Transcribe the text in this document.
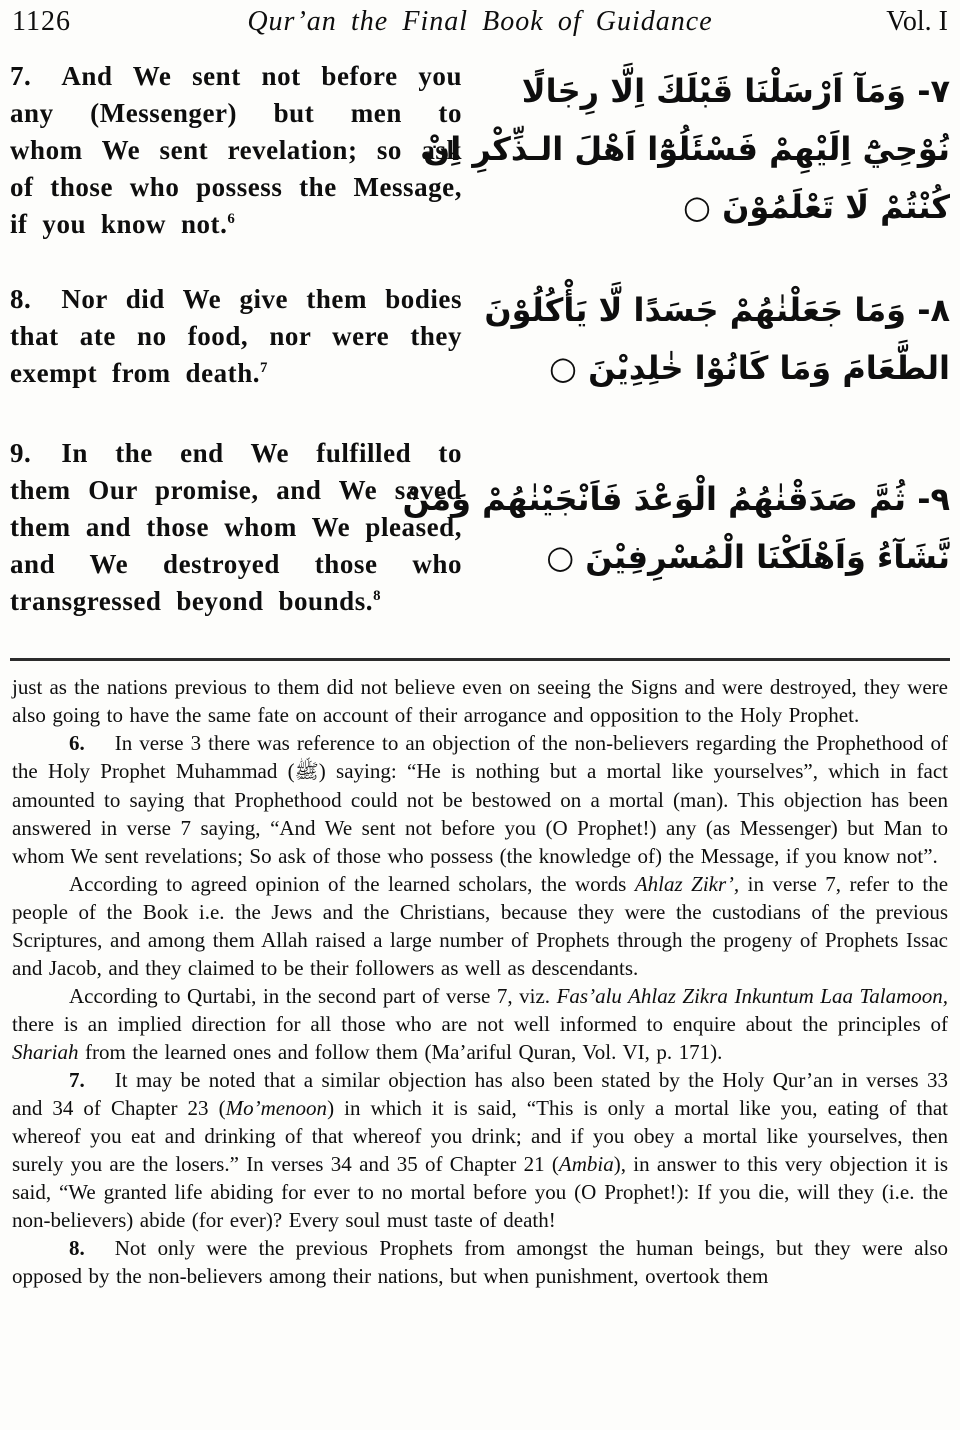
1126	Qur’an the Final Book of Guidance	Vol. I

7. And We sent not before you any (Messenger) but men to whom We sent revelation; so ask of those who possess the Message, if you know not.$^6$

٧- وَمَآ اَرْسَلْنَا قَبْلَكَ اِلَّا رِجَالًا
نُوْحِيْٓ اِلَيْهِمْ فَسْئَلُوْٓا اَهْلَ الـذِّكْرِ اِنْ
كُنْتُمْ لَا تَعْلَمُوْنَ ○

8. Nor did We give them bodies that ate no food, nor were they exempt from death.$^7$

٨- وَمَا جَعَلْنٰهُمْ جَسَدًا لَّا يَأْكُلُوْنَ
الطَّعَامَ وَمَا كَانُوْا خٰلِدِيْنَ ○

9. In the end We fulfilled to them Our promise, and We saved them and those whom We pleased, and We destroyed those who transgressed beyond bounds.$^8$

٩- ثُمَّ صَدَقْنٰهُمُ الْوَعْدَ فَاَنْجَيْنٰهُمْ وَمَنْ
نَّشَآءُ وَاَهْلَكْنَا الْمُسْرِفِيْنَ ○

just as the nations previous to them did not believe even on seeing the Signs and were destroyed, they were also going to have the same fate on account of their arrogance and opposition to the Holy Prophet.

6. In verse 3 there was reference to an objection of the non-believers regarding the Prophethood of the Holy Prophet Muhammad (ﷺ) saying: “He is nothing but a mortal like yourselves”, which in fact amounted to saying that Prophethood could not be bestowed on a mortal (man). This objection has been answered in verse 7 saying, “And We sent not before you (O Prophet!) any (as Messenger) but Man to whom We sent revelations; So ask of those who possess (the knowledge of) the Message, if you know not”.

According to agreed opinion of the learned scholars, the words Ahlaz Zikr’, in verse 7, refer to the people of the Book i.e. the Jews and the Christians, because they were the custodians of the previous Scriptures, and among them Allah raised a large number of Prophets through the progeny of Prophets Issac and Jacob, and they claimed to be their followers as well as descendants.

According to Qurtabi, in the second part of verse 7, viz. Fas’alu Ahlaz Zikra Inkuntum Laa Talamoon, there is an implied direction for all those who are not well informed to enquire about the principles of Shariah from the learned ones and follow them (Ma’ariful Quran, Vol. VI, p. 171).

7. It may be noted that a similar objection has also been stated by the Holy Qur’an in verses 33 and 34 of Chapter 23 (Mo’menoon) in which it is said, “This is only a mortal like you, eating of that whereof you eat and drinking of that whereof you drink; and if you obey a mortal like yourselves, then surely you are the losers.” In verses 34 and 35 of Chapter 21 (Ambia), in answer to this very objection it is said, “We granted life abiding for ever to no mortal before you (O Prophet!): If you die, will they (i.e. the non-believers) abide (for ever)? Every soul must taste of death!

8. Not only were the previous Prophets from amongst the human beings, but they were also opposed by the non-believers among their nations, but when punishment, overtook them
